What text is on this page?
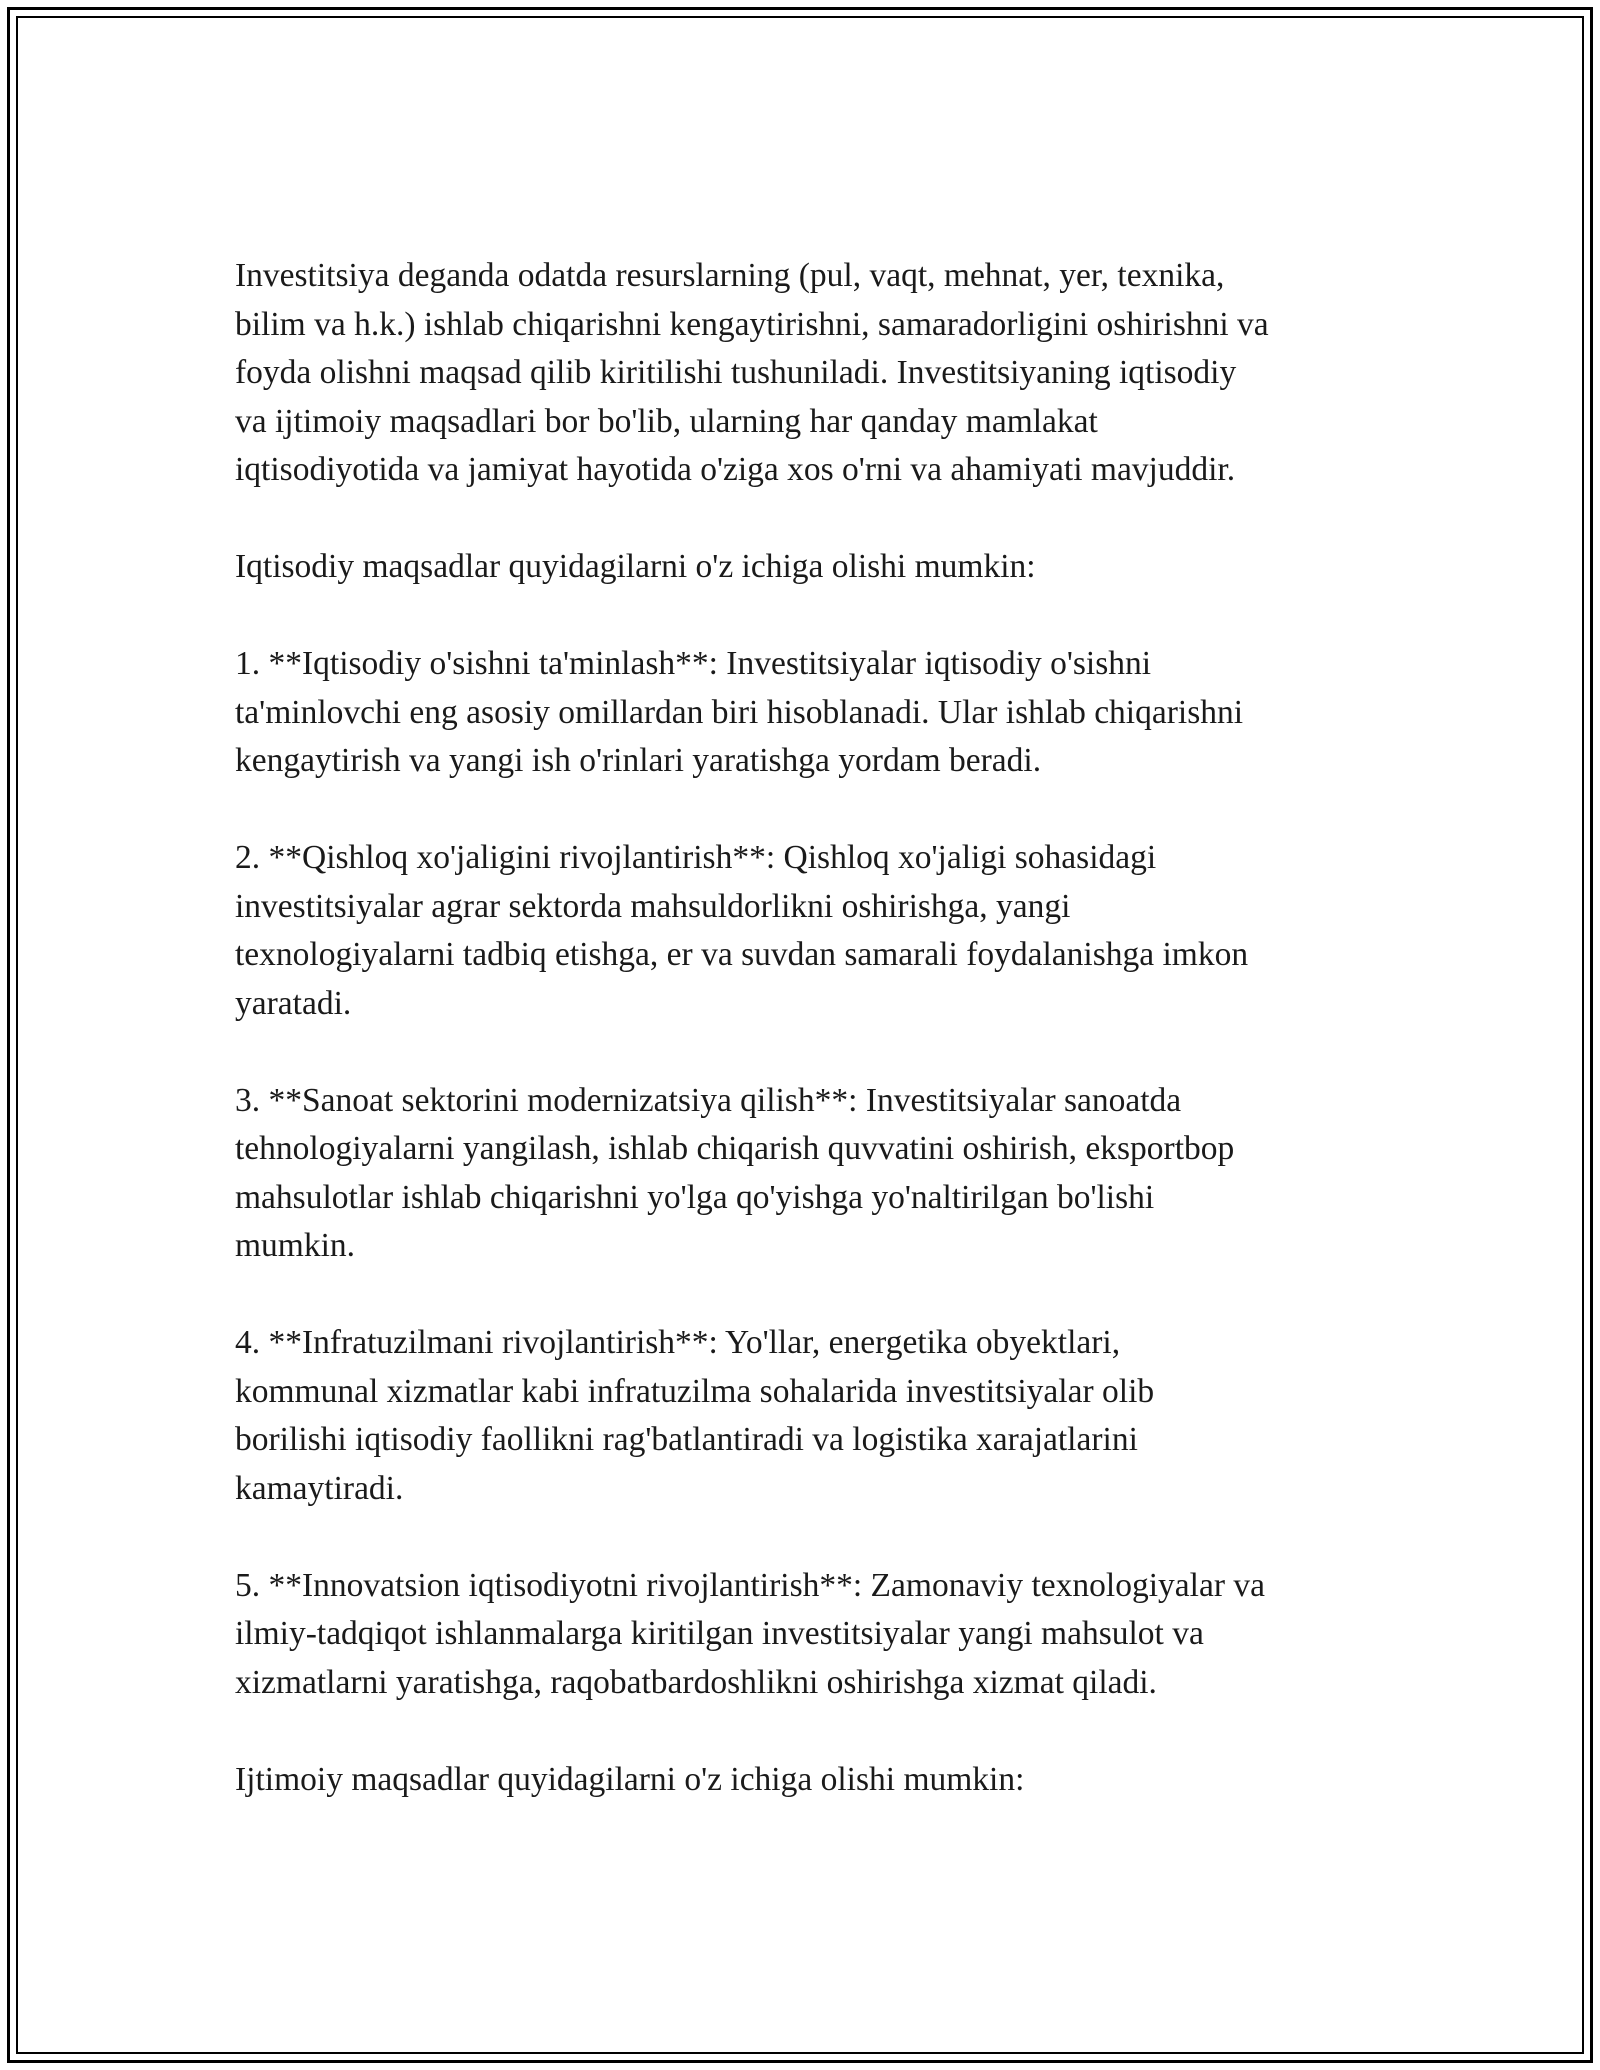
Investitsiya deganda odatda resurslarning (pul, vaqt, mehnat, yer, texnika,
bilim va h.k.) ishlab chiqarishni kengaytirishni, samaradorligini oshirishni va
foyda olishni maqsad qilib kiritilishi tushuniladi. Investitsiyaning iqtisodiy
va ijtimoiy maqsadlari bor bo'lib, ularning har qanday mamlakat
iqtisodiyotida va jamiyat hayotida o'ziga xos o'rni va ahamiyati mavjuddir.

Iqtisodiy maqsadlar quyidagilarni o'z ichiga olishi mumkin:

1. **Iqtisodiy o'sishni ta'minlash**: Investitsiyalar iqtisodiy o'sishni
ta'minlovchi eng asosiy omillardan biri hisoblanadi. Ular ishlab chiqarishni
kengaytirish va yangi ish o'rinlari yaratishga yordam beradi.

2. **Qishloq xo'jaligini rivojlantirish**: Qishloq xo'jaligi sohasidagi
investitsiyalar agrar sektorda mahsuldorlikni oshirishga, yangi
texnologiyalarni tadbiq etishga, er va suvdan samarali foydalanishga imkon
yaratadi.

3. **Sanoat sektorini modernizatsiya qilish**: Investitsiyalar sanoatda
tehnologiyalarni yangilash, ishlab chiqarish quvvatini oshirish, eksportbop
mahsulotlar ishlab chiqarishni yo'lga qo'yishga yo'naltirilgan bo'lishi
mumkin.

4. **Infratuzilmani rivojlantirish**: Yo'llar, energetika obyektlari,
kommunal xizmatlar kabi infratuzilma sohalarida investitsiyalar olib
borilishi iqtisodiy faollikni rag'batlantiradi va logistika xarajatlarini
kamaytiradi.

5. **Innovatsion iqtisodiyotni rivojlantirish**: Zamonaviy texnologiyalar va
ilmiy-tadqiqot ishlanmalarga kiritilgan investitsiyalar yangi mahsulot va
xizmatlarni yaratishga, raqobatbardoshlikni oshirishga xizmat qiladi.

Ijtimoiy maqsadlar quyidagilarni o'z ichiga olishi mumkin:
